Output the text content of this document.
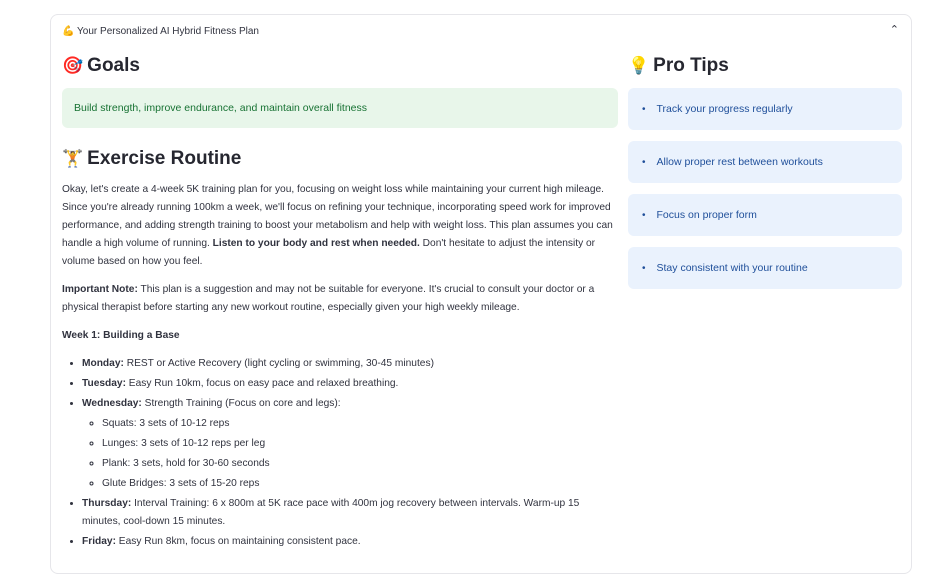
💪 Your Personalized AI Hybrid Fitness Plan	⌃
🎯 Goals
Build strength, improve endurance, and maintain overall fitness
🏋️ Exercise Routine

Okay, let's create a 4-week 5K training plan for you, focusing on weight loss while maintaining your current high mileage. Since you're already running 100km a week, we'll focus on refining your technique, incorporating speed work for improved performance, and adding strength training to boost your metabolism and help with weight loss. This plan assumes you can handle a high volume of running. Listen to your body and rest when needed. Don't hesitate to adjust the intensity or volume based on how you feel.

Important Note: This plan is a suggestion and may not be suitable for everyone. It's crucial to consult your doctor or a physical therapist before starting any new workout routine, especially given your high weekly mileage.

Week 1: Building a Base

• Monday: REST or Active Recovery (light cycling or swimming, 30-45 minutes)
• Tuesday: Easy Run 10km, focus on easy pace and relaxed breathing.
• Wednesday: Strength Training (Focus on core and legs):
◦ Squats: 3 sets of 10-12 reps
◦ Lunges: 3 sets of 10-12 reps per leg
◦ Plank: 3 sets, hold for 30-60 seconds
◦ Glute Bridges: 3 sets of 15-20 reps
• Thursday: Interval Training: 6 x 800m at 5K race pace with 400m jog recovery between intervals. Warm-up 15 minutes, cool-down 15 minutes.
• Friday: Easy Run 8km, focus on maintaining consistent pace.
💡 Pro Tips
• Track your progress regularly
• Allow proper rest between workouts
• Focus on proper form
• Stay consistent with your routine
